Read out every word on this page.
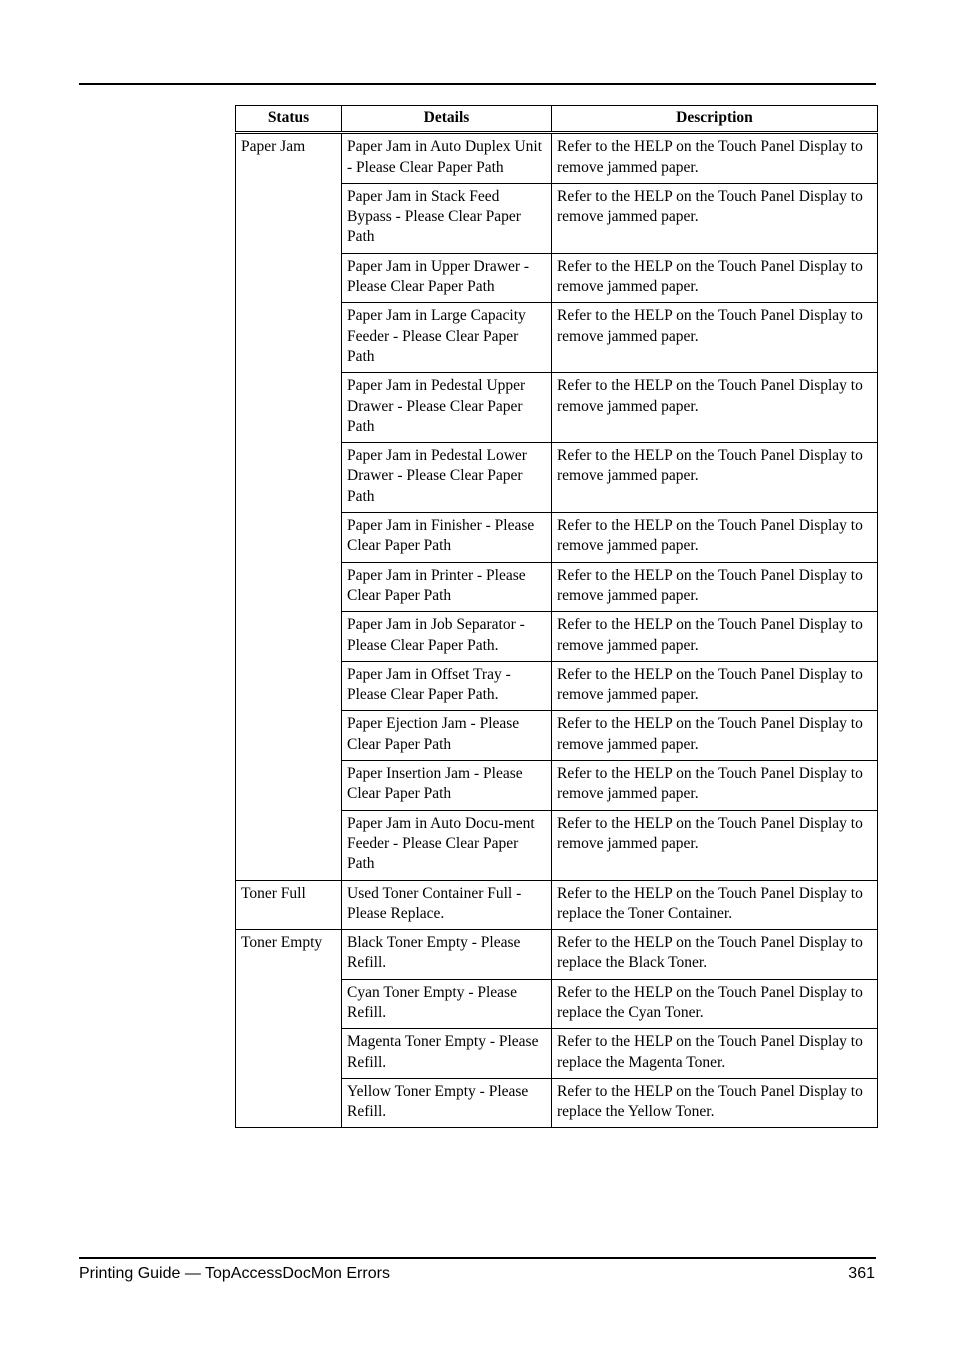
Status	Details	Description
Paper Jam	Paper Jam in Auto Duplex Unit - Please Clear Paper Path	Refer to the HELP on the Touch Panel Display to remove jammed paper.
	Paper Jam in Stack Feed Bypass - Please Clear Paper Path	Refer to the HELP on the Touch Panel Display to remove jammed paper.
	Paper Jam in Upper Drawer - Please Clear Paper Path	Refer to the HELP on the Touch Panel Display to remove jammed paper.
	Paper Jam in Large Capacity Feeder - Please Clear Paper Path	Refer to the HELP on the Touch Panel Display to remove jammed paper.
	Paper Jam in Pedestal Upper Drawer - Please Clear Paper Path	Refer to the HELP on the Touch Panel Display to remove jammed paper.
	Paper Jam in Pedestal Lower Drawer - Please Clear Paper Path	Refer to the HELP on the Touch Panel Display to remove jammed paper.
	Paper Jam in Finisher - Please Clear Paper Path	Refer to the HELP on the Touch Panel Display to remove jammed paper.
	Paper Jam in Printer - Please Clear Paper Path	Refer to the HELP on the Touch Panel Display to remove jammed paper.
	Paper Jam in Job Separator - Please Clear Paper Path.	Refer to the HELP on the Touch Panel Display to remove jammed paper.
	Paper Jam in Offset Tray - Please Clear Paper Path.	Refer to the HELP on the Touch Panel Display to remove jammed paper.
	Paper Ejection Jam - Please Clear Paper Path	Refer to the HELP on the Touch Panel Display to remove jammed paper.
	Paper Insertion Jam - Please Clear Paper Path	Refer to the HELP on the Touch Panel Display to remove jammed paper.
	Paper Jam in Auto Docu-ment Feeder - Please Clear Paper Path	Refer to the HELP on the Touch Panel Display to remove jammed paper.
Toner Full	Used Toner Container Full - Please Replace.	Refer to the HELP on the Touch Panel Display to replace the Toner Container.
Toner Empty	Black Toner Empty - Please Refill.	Refer to the HELP on the Touch Panel Display to replace the Black Toner.
	Cyan Toner Empty - Please Refill.	Refer to the HELP on the Touch Panel Display to replace the Cyan Toner.
	Magenta Toner Empty - Please Refill.	Refer to the HELP on the Touch Panel Display to replace the Magenta Toner.
	Yellow Toner Empty - Please Refill.	Refer to the HELP on the Touch Panel Display to replace the Yellow Toner.
Printing Guide — TopAccessDocMon Errors	361
